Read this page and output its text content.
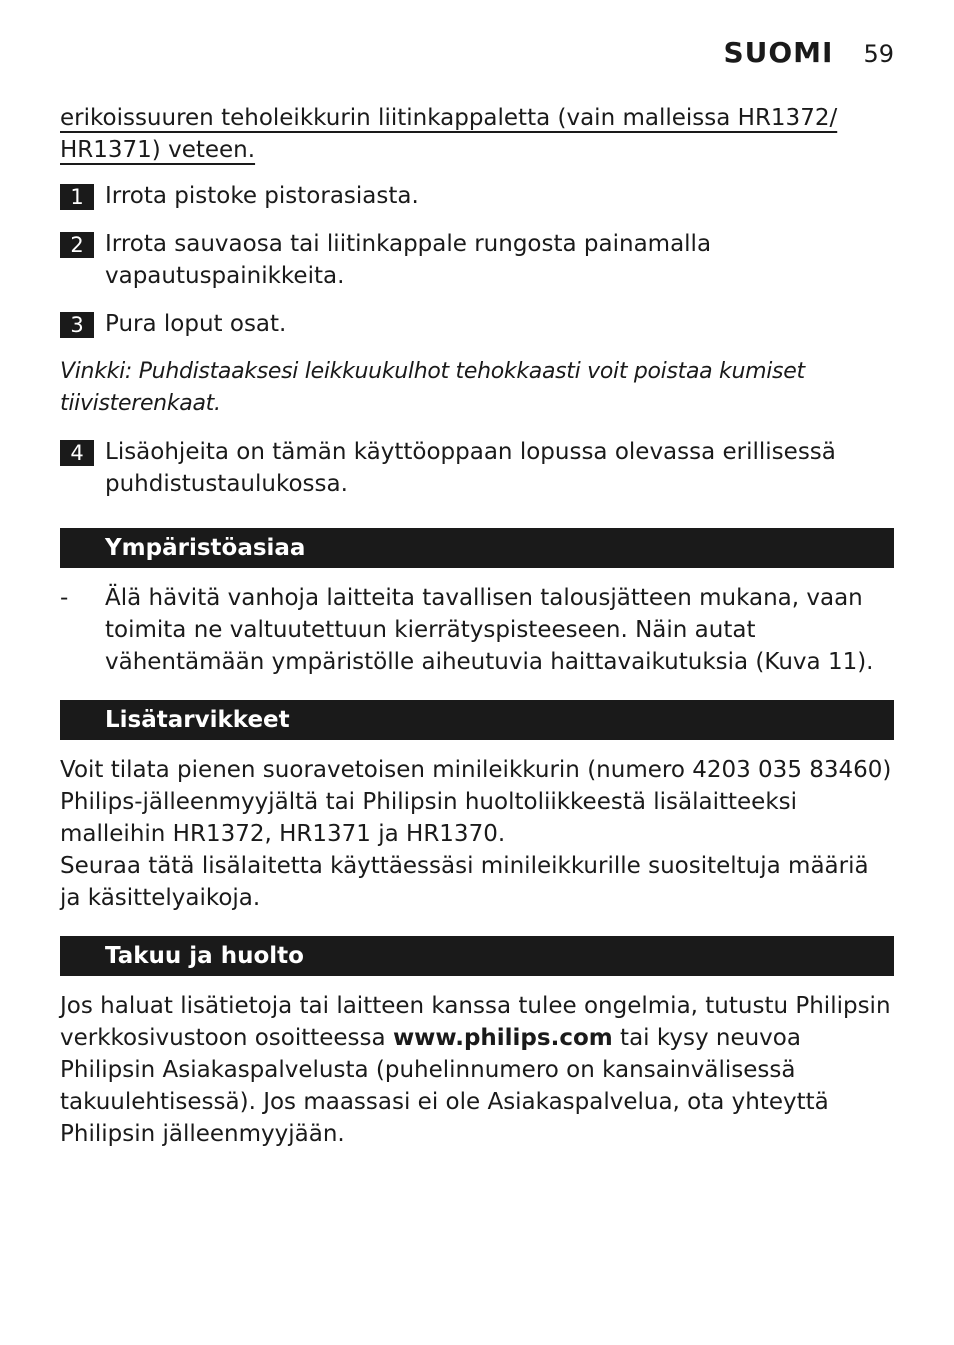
SUOMI 59
erikoissuuren teholeikkurin liitinkappaletta (vain malleissa HR1372/
HR1371) veteen.
1 Irrota pistoke pistorasiasta.
2 Irrota sauvaosa tai liitinkappale rungosta painamalla vapautuspainikkeita.
3 Pura loput osat.
Vinkki: Puhdistaaksesi leikkuukulhot tehokkaasti voit poistaa kumiset tiivisterenkaat.
4 Lisäohjeita on tämän käyttöoppaan lopussa olevassa erillisessä puhdistustaulukossa.
Ympäristöasiaa
- Älä hävitä vanhoja laitteita tavallisen talousjätteen mukana, vaan toimita ne valtuutettuun kierrätyspisteeseen. Näin autat vähentämään ympäristölle aiheutuvia haittavaikutuksia (Kuva 11).
Lisätarvikkeet

Voit tilata pienen suoravetoisen minileikkurin (numero 4203 035 83460) Philips-jälleenmyyjältä tai Philipsin huoltoliikkeestä lisälaitteeksi malleihin HR1372, HR1371 ja HR1370.

Seuraa tätä lisälaitetta käyttäessäsi minileikkurille suositeltuja määriä ja käsittelyaikoja.

Takuu ja huolto

Jos haluat lisätietoja tai laitteen kanssa tulee ongelmia, tutustu Philipsin verkkosivustoon osoitteessa www.philips.com tai kysy neuvoa Philipsin Asiakaspalvelusta (puhelinnumero on kansainvälisessä takuulehtisessä). Jos maassasi ei ole Asiakaspalvelua, ota yhteyttä Philipsin jälleenmyyjään.
